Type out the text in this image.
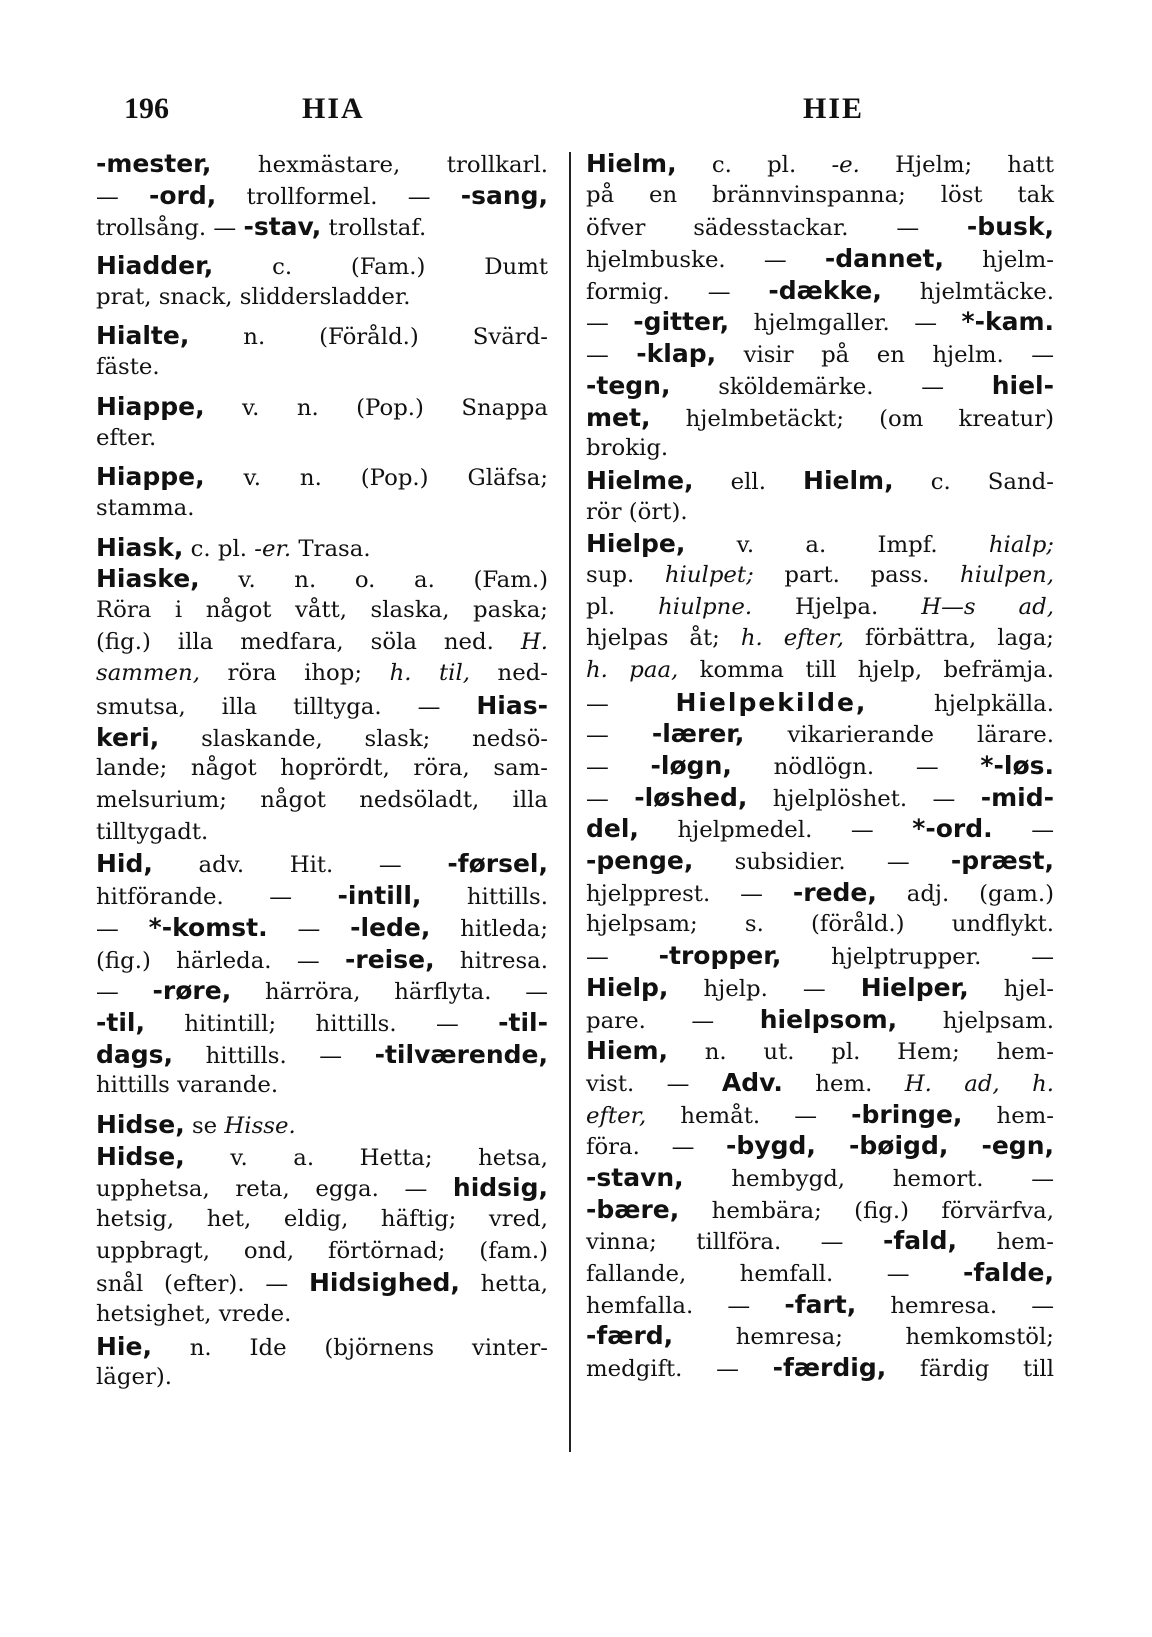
196	HIA	HIE
-mester, hexmästare, trollkarl.
— -ord, trollformel. — -sang,
trollsång. — -stav, trollstaf.
Hiadder, c. (Fam.) Dumt
prat, snack, sliddersladder.
Hialte, n. (Föråld.) Svärd-
fäste.
Hiappe, v. n. (Pop.) Snappa
efter.
Hiappe, v. n. (Pop.) Gläfsa;
stamma.
Hiask, c. pl. -er. Trasa.
Hiaske, v. n. o. a. (Fam.)
Röra i något vått, slaska, paska;
(fig.) illa medfara, söla ned. H.
sammen, röra ihop; h. til, ned-
smutsa, illa tilltyga. — Hias-
keri, slaskande, slask; nedsö-
lande; något hoprördt, röra, sam-
melsurium; något nedsöladt, illa
tilltygadt.
Hid, adv. Hit. — -førsel,
hitförande. — -intill, hittills.
— *-komst. — -lede, hitleda;
(fig.) härleda. — -reise, hitresa.
— -røre, härröra, härflyta. —
-til, hitintill; hittills. — -til-
dags, hittills. — -tilværende,
hittills varande.
Hidse, se Hisse.
Hidse, v. a. Hetta; hetsa,
upphetsa, reta, egga. — hidsig,
hetsig, het, eldig, häftig; vred,
uppbragt, ond, förtörnad; (fam.)
snål (efter). — Hidsighed, hetta,
hetsighet, vrede.
Hie, n. Ide (björnens vinter-
läger).
Hielm, c. pl. -e. Hjelm; hatt
på en brännvinspanna; löst tak
öfver sädesstackar. — -busk,
hjelmbuske. — -dannet, hjelm-
formig. — -dække, hjelmtäcke.
— -gitter, hjelmgaller. — *-kam.
— -klap, visir på en hjelm. —
-tegn, sköldemärke. — hiel-
met, hjelmbetäckt; (om kreatur)
brokig.
Hielme, ell. Hielm, c. Sand-
rör (ört).
Hielpe, v. a. Impf. hialp;
sup. hiulpet; part. pass. hiulpen,
pl. hiulpne. Hjelpa. H—s ad,
hjelpas åt; h. efter, förbättra, laga;
h. paa, komma till hjelp, befrämja.
— Hielpekilde, hjelpkälla.
— -lærer, vikarierande lärare.
— -løgn, nödlögn. — *-løs.
— -løshed, hjelplöshet. — -mid-
del, hjelpmedel. — *-ord. —
-penge, subsidier. — -præst,
hjelpprest. — -rede, adj. (gam.)
hjelpsam; s. (föråld.) undflykt.
— -tropper, hjelptrupper. —
Hielp, hjelp. — Hielper, hjel-
pare. — hielpsom, hjelpsam.
Hiem, n. ut. pl. Hem; hem-
vist. — Adv. hem. H. ad, h.
efter, hemåt. — -bringe, hem-
föra. — -bygd, -bøigd, -egn,
-stavn, hembygd, hemort. —
-bære, hembära; (fig.) förvärfva,
vinna; tillföra. — -fald, hem-
fallande, hemfall. — -falde,
hemfalla. — -fart, hemresa. —
-færd, hemresa; hemkomstöl;
medgift. — -færdig, färdig till
